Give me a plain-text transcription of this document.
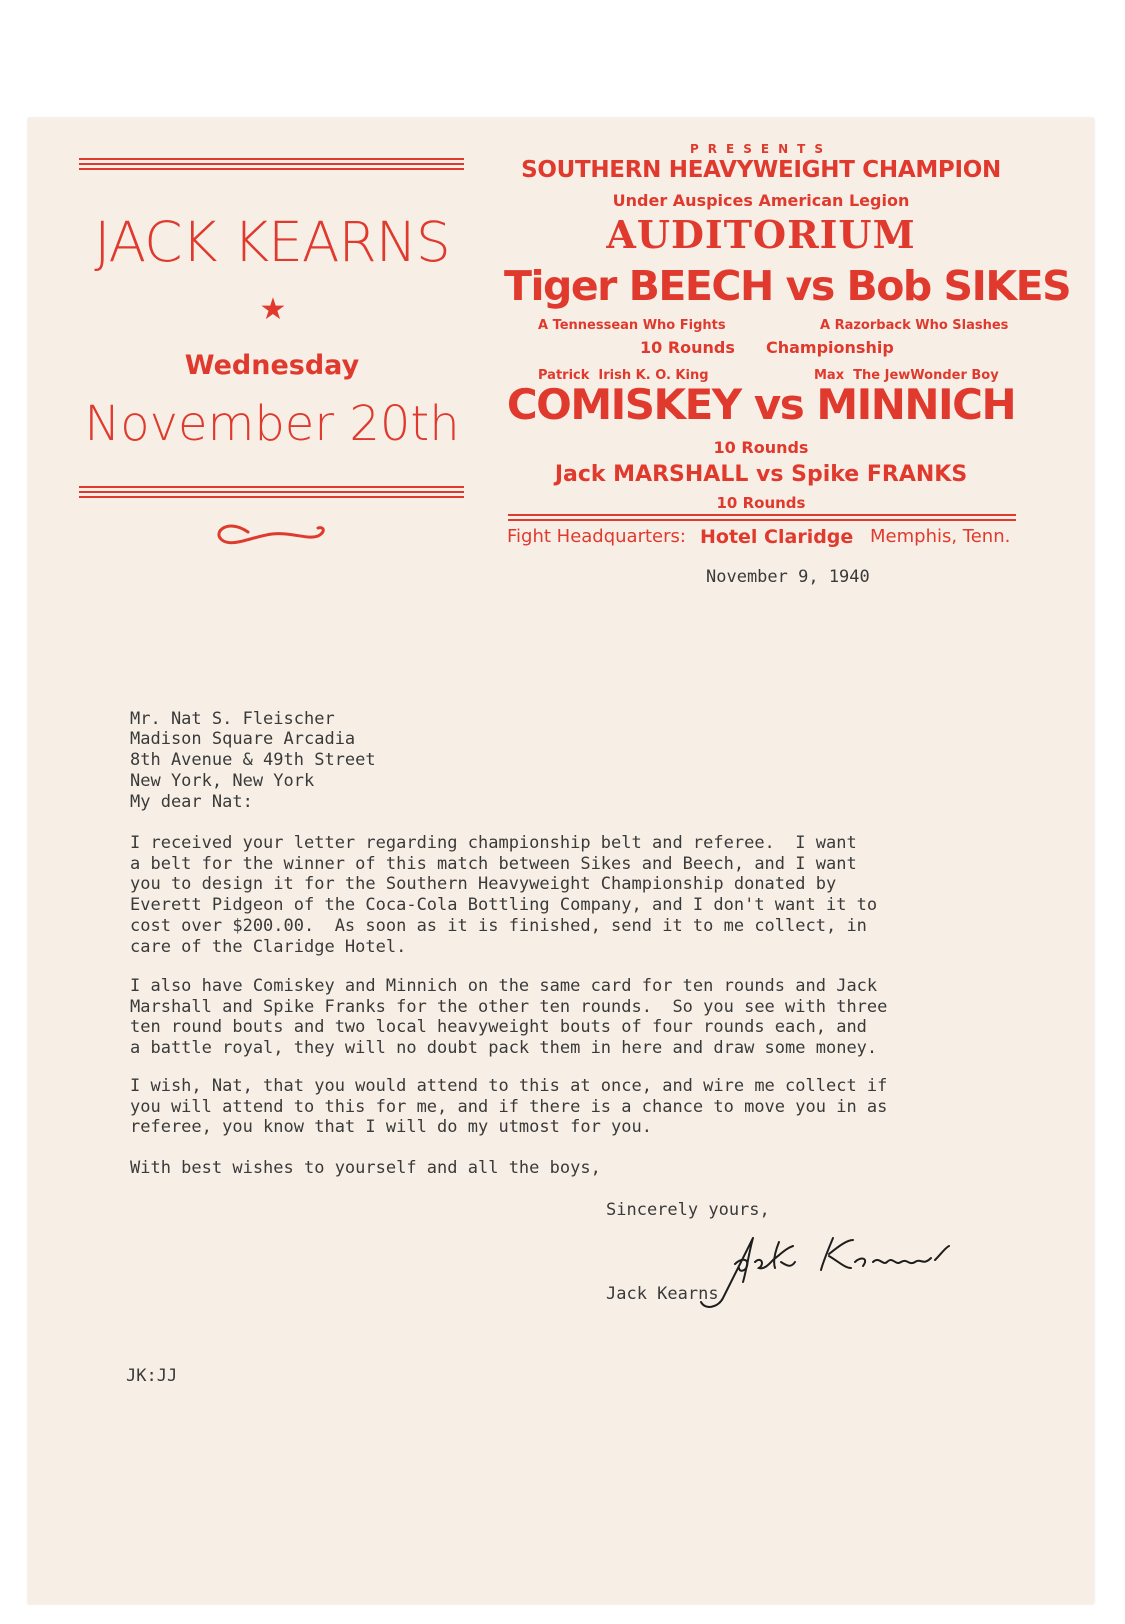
JACK KEARNS
★
Wednesday
November 20th
PRESENTS
SOUTHERN HEAVYWEIGHT CHAMPION
Under Auspices American Legion
AUDITORIUM
Tiger BEECH vs Bob SIKES
A Tennessean Who Fights	A Razorback Who Slashes
10 Rounds Championship
Patrick  Irish K. O. King	Max  The JewWonder Boy
COMISKEY vs MINNICH
10 Rounds
Jack MARSHALL vs Spike FRANKS
10 Rounds
Fight Headquarters: Hotel Claridge Memphis, Tenn.
November 9, 1940

Mr. Nat S. Fleischer
Madison Square Arcadia
8th Avenue & 49th Street
New York, New York
My dear Nat:
I received your letter regarding championship belt and referee.  I want
a belt for the winner of this match between Sikes and Beech, and I want
you to design it for the Southern Heavyweight Championship donated by
Everett Pidgeon of the Coca-Cola Bottling Company, and I don't want it to
cost over $200.00.  As soon as it is finished, send it to me collect, in
care of the Claridge Hotel.
I also have Comiskey and Minnich on the same card for ten rounds and Jack
Marshall and Spike Franks for the other ten rounds.  So you see with three
ten round bouts and two local heavyweight bouts of four rounds each, and
a battle royal, they will no doubt pack them in here and draw some money.
I wish, Nat, that you would attend to this at once, and wire me collect if
you will attend to this for me, and if there is a chance to move you in as
referee, you know that I will do my utmost for you.
With best wishes to yourself and all the boys,
Sincerely yours,
Jack Kearns
JK:JJ
